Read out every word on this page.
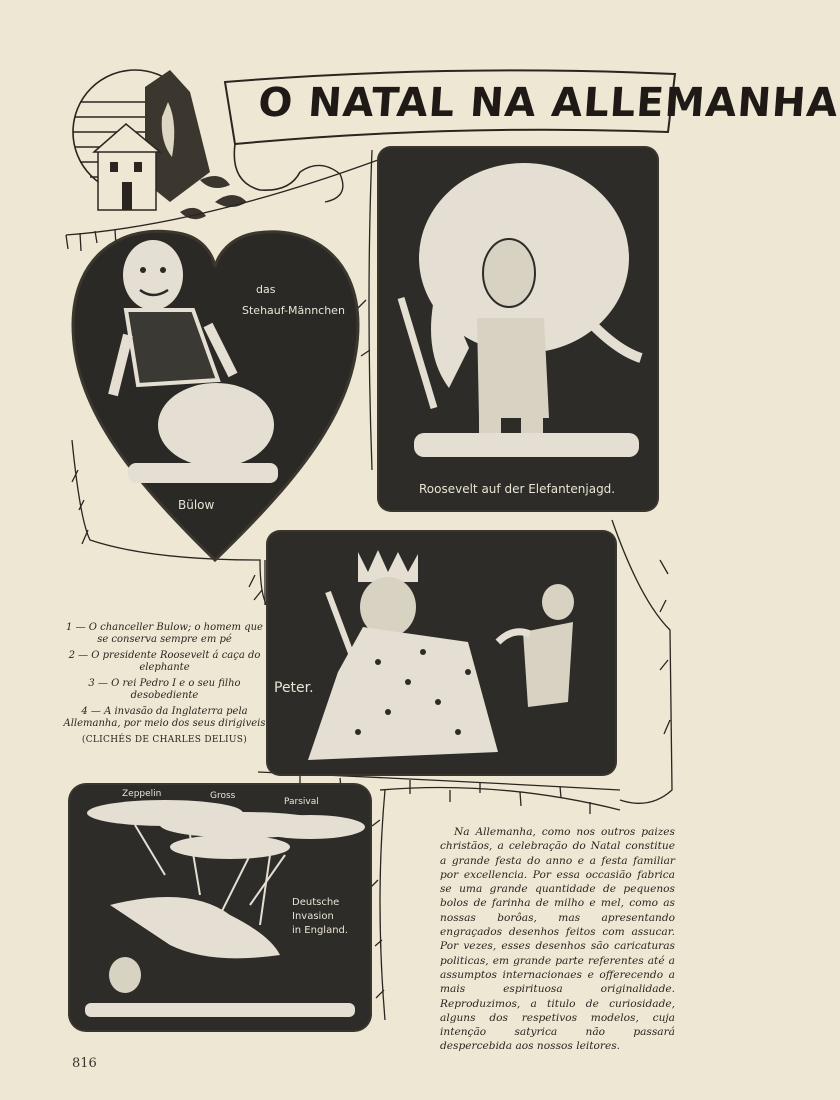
O NATAL NA ALLEMANHA
das
Stehauf-Männchen
Bülow
Roosevelt auf der Elefantenjagd.
Peter.
1 — O chanceller Bulow; o homem que se conserva sempre em pé
2 — O presidente Roosevelt á caça do elephante
3 — O rei Pedro I e o seu filho desobediente
4 — A invasão da Inglaterra pela Allemanha, por meio dos seus dirigiveis
(CLICHÉS DE CHARLES DELIUS)
Zeppelin	Gross
Parsival
Deutsche
Invasion
in England.

Na Allemanha, como nos outros paizes christãos, a celebração do Natal constitue a grande festa do anno e a festa familiar por excellencia. Por essa occasião fabrica se uma grande quantidade de pequenos bolos de farinha de milho e mel, como as nossas borôas, mas apresentando engraçados desenhos feitos com assucar. Por vezes, esses desenhos são caricaturas politicas, em grande parte referentes até a assumptos internacionaes e offerecendo a mais espirituosa originalidade. Reproduzimos, a titulo de curiosidade, alguns dos respetivos modelos, cuja intenção satyrica não passará despercebida aos nossos leitores.

816
